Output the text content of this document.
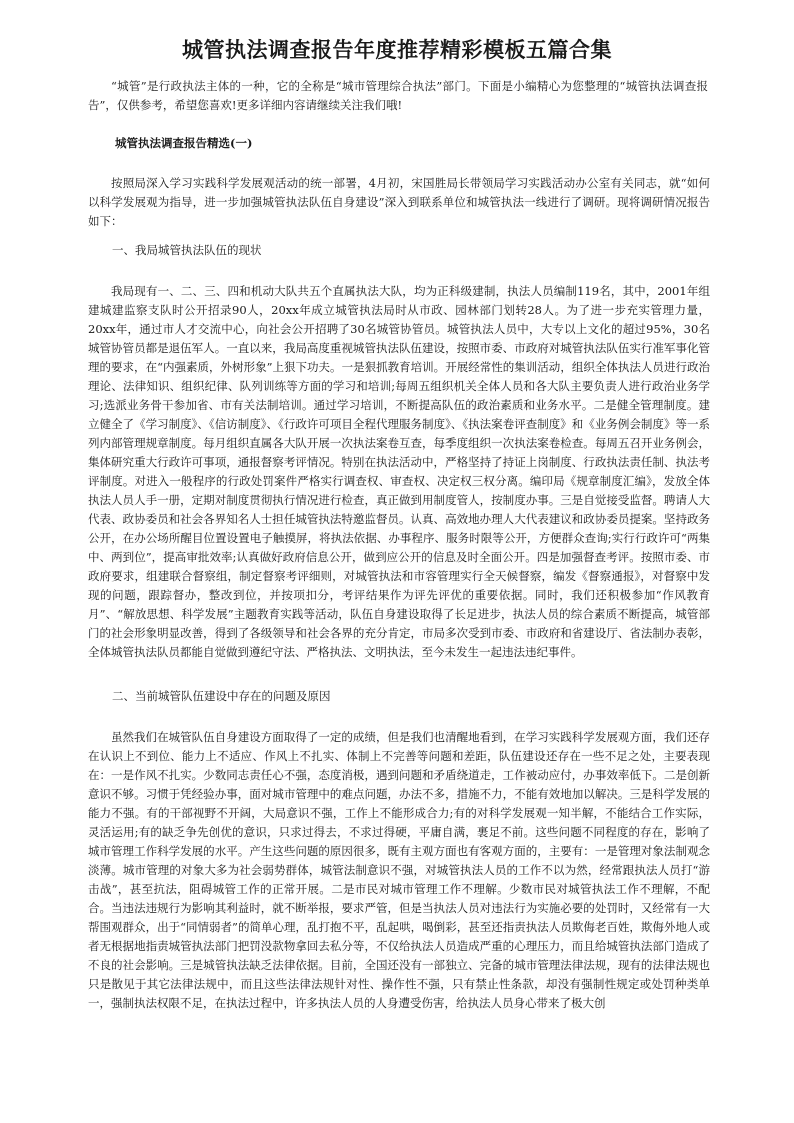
城管执法调查报告年度推荐精彩模板五篇合集

“城管”是行政执法主体的一种，它的全称是“城市管理综合执法”部门。下面是小编精心为您整理的“城管执法调查报告”，仅供参考，希望您喜欢!更多详细内容请继续关注我们哦!

城管执法调查报告精选(一)

按照局深入学习实践科学发展观活动的统一部署，4月初，宋国胜局长带领局学习实践活动办公室有关同志，就“如何以科学发展观为指导，进一步加强城管执法队伍自身建设”深入到联系单位和城管执法一线进行了调研。现将调研情况报告如下：

一、我局城管执法队伍的现状

我局现有一、二、三、四和机动大队共五个直属执法大队，均为正科级建制，执法人员编制119名，其中，2001年组建城建监察支队时公开招录90人，20xx年成立城管执法局时从市政、园林部门划转28人。为了进一步充实管理力量，20xx年，通过市人才交流中心，向社会公开招聘了30名城管协管员。城管执法人员中，大专以上文化的超过95%，30名城管协管员都是退伍军人。一直以来，我局高度重视城管执法队伍建设，按照市委、市政府对城管执法队伍实行准军事化管理的要求，在“内强素质，外树形象”上狠下功夫。一是狠抓教育培训。开展经常性的集训活动，组织全体执法人员进行政治理论、法律知识、组织纪律、队列训练等方面的学习和培训;每周五组织机关全体人员和各大队主要负责人进行政治业务学习;选派业务骨干参加省、市有关法制培训。通过学习培训，不断提高队伍的政治素质和业务水平。二是健全管理制度。建立健全了《学习制度》、《信访制度》、《行政许可项目全程代理服务制度》、《执法案卷评查制度》和《业务例会制度》等一系列内部管理规章制度。每月组织直属各大队开展一次执法案卷互查，每季度组织一次执法案卷检查。每周五召开业务例会，集体研究重大行政许可事项，通报督察考评情况。特别在执法活动中，严格坚持了持证上岗制度、行政执法责任制、执法考评制度。对进入一般程序的行政处罚案件严格实行调查权、审查权、决定权三权分离。编印局《规章制度汇编》，发放全体执法人员人手一册，定期对制度贯彻执行情况进行检查，真正做到用制度管人，按制度办事。三是自觉接受监督。聘请人大代表、政协委员和社会各界知名人士担任城管执法特邀监督员。认真、高效地办理人大代表建议和政协委员提案。坚持政务公开，在办公场所醒目位置设置电子触摸屏，将执法依据、办事程序、服务时限等公开，方便群众查询;实行行政许可“两集中、两到位”，提高审批效率;认真做好政府信息公开，做到应公开的信息及时全面公开。四是加强督查考评。按照市委、市政府要求，组建联合督察组，制定督察考评细则，对城管执法和市容管理实行全天候督察，编发《督察通报》，对督察中发现的问题，跟踪督办，整改到位，并按项扣分，考评结果作为评先评优的重要依据。同时，我们还积极参加“作风教育月”、“解放思想、科学发展”主题教育实践等活动，队伍自身建设取得了长足进步，执法人员的综合素质不断提高，城管部门的社会形象明显改善，得到了各级领导和社会各界的充分肯定，市局多次受到市委、市政府和省建设厅、省法制办表彰，全体城管执法队员都能自觉做到遵纪守法、严格执法、文明执法，至今未发生一起违法违纪事件。

二、当前城管队伍建设中存在的问题及原因

虽然我们在城管队伍自身建设方面取得了一定的成绩，但是我们也清醒地看到，在学习实践科学发展观方面，我们还存在认识上不到位、能力上不适应、作风上不扎实、体制上不完善等问题和差距，队伍建设还存在一些不足之处，主要表现在：一是作风不扎实。少数同志责任心不强，态度消极，遇到问题和矛盾绕道走，工作被动应付，办事效率低下。二是创新意识不够。习惯于凭经验办事，面对城市管理中的难点问题，办法不多，措施不力，不能有效地加以解决。三是科学发展的能力不强。有的干部视野不开阔，大局意识不强，工作上不能形成合力;有的对科学发展观一知半解，不能结合工作实际，灵活运用;有的缺乏争先创优的意识，只求过得去，不求过得硬，平庸自满，裹足不前。这些问题不同程度的存在，影响了城市管理工作科学发展的水平。产生这些问题的原因很多，既有主观方面也有客观方面的，主要有：一是管理对象法制观念淡薄。城市管理的对象大多为社会弱势群体，城管法制意识不强，对城管执法人员的工作不以为然，经常跟执法人员打“游击战”，甚至抗法，阻碍城管工作的正常开展。二是市民对城市管理工作不理解。少数市民对城管执法工作不理解，不配合。当违法违规行为影响其利益时，就不断举报，要求严管，但是当执法人员对违法行为实施必要的处罚时，又经常有一大帮围观群众，出于“同情弱者”的简单心理，乱打抱不平，乱起哄，喝倒彩，甚至还指责执法人员欺侮老百姓，欺侮外地人或者无根据地指责城管执法部门把罚没款物拿回去私分等，不仅给执法人员造成严重的心理压力，而且给城管执法部门造成了不良的社会影响。三是城管执法缺乏法律依据。目前，全国还没有一部独立、完备的城市管理法律法规，现有的法律法规也只是散见于其它法律法规中，而且这些法律法规针对性、操作性不强，只有禁止性条款，却没有强制性规定或处罚种类单一，强制执法权限不足，在执法过程中，许多执法人员的人身遭受伤害，给执法人员身心带来了极大创
